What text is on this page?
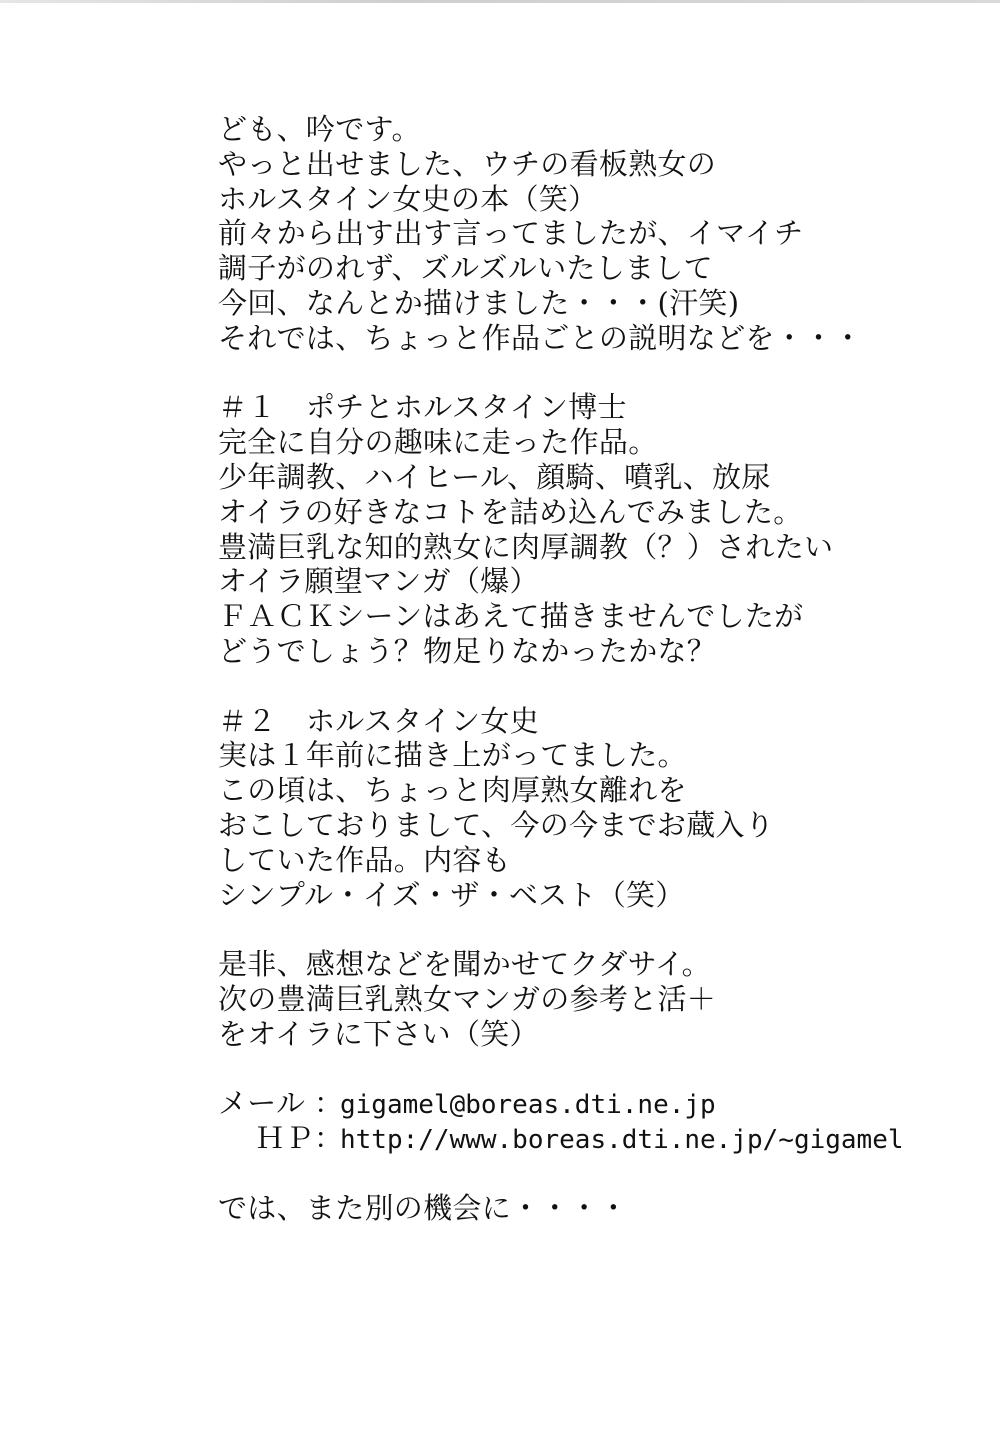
ども、吟です。
やっと出せました、ウチの看板熟女の
ホルスタイン女史の本（笑）
前々から出す出す言ってましたが、イマイチ
調子がのれず、ズルズルいたしまして
今回、なんとか描けました・・・(汗笑)
それでは、ちょっと作品ごとの説明などを・・・
＃１ ポチとホルスタイン博士
完全に自分の趣味に走った作品。
少年調教、ハイヒール、顔騎、噴乳、放尿
オイラの好きなコトを詰め込んでみました。
豊満巨乳な知的熟女に肉厚調教（？）されたい
オイラ願望マンガ（爆）
ＦＡＣＫシーンはあえて描きませんでしたが
どうでしょう？物足りなかったかな？
＃２ ホルスタイン女史
実は１年前に描き上がってました。
この頃は、ちょっと肉厚熟女離れを
おこしておりまして、今の今までお蔵入り
していた作品。内容も
シンプル・イズ・ザ・ベスト（笑）
是非、感想などを聞かせてクダサイ。
次の豊満巨乳熟女マンガの参考と活＋
をオイラに下さい（笑）
メール ：gigamel@boreas.dti.ne.jp
ＨＰ：http://www.boreas.dti.ne.jp/~gigamel
では、また別の機会に・・・・
